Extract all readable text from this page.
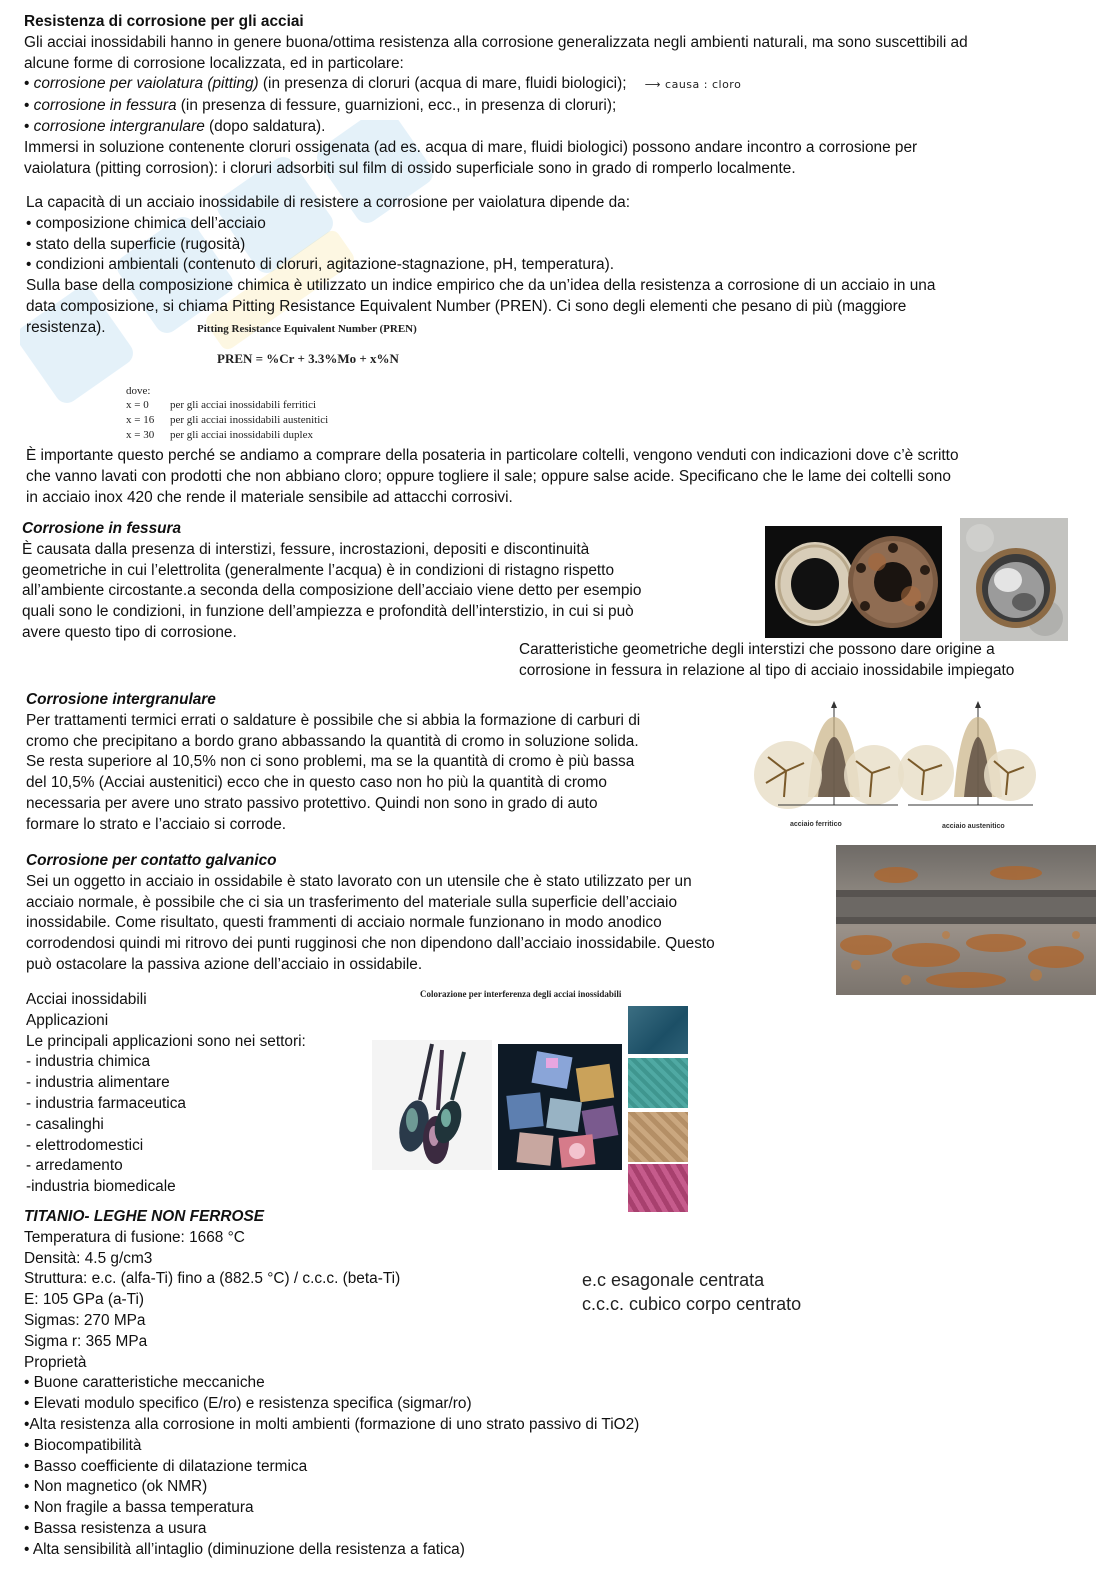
Resistenza di corrosione per gli acciai
Gli acciai inossidabili hanno in genere buona/ottima resistenza alla corrosione generalizzata negli ambienti naturali, ma sono suscettibili ad
alcune forme di corrosione localizzata, ed in particolare:
• corrosione per vaiolatura (pitting) (in presenza di cloruri (acqua di mare, fluidi biologici); ⟶ causa : cloro
• corrosione in fessura (in presenza di fessure, guarnizioni, ecc., in presenza di cloruri);
• corrosione intergranulare (dopo saldatura).
Immersi in soluzione contenente cloruri ossigenata (ad es. acqua di mare, fluidi biologici) possono andare incontro a corrosione per
vaiolatura (pitting corrosion): i cloruri adsorbiti sul film di ossido superficiale sono in grado di romperlo localmente.
La capacità di un acciaio inossidabile di resistere a corrosione per vaiolatura dipende da:
• composizione chimica dell’acciaio
• stato della superficie (rugosità)
• condizioni ambientali (contenuto di cloruri, agitazione-stagnazione, pH, temperatura).
Sulla base della composizione chimica è utilizzato un indice empirico che da un’idea della resistenza a corrosione di un acciaio in una
data composizione, si chiama Pitting Resistance Equivalent Number (PREN). Ci sono degli elementi che pesano di più (maggiore
resistenza).	Pitting Resistance Equivalent Number (PREN)
PREN = %Cr + 3.3%Mo + x%N
dove:
x = 0	per gli acciai inossidabili ferritici
x = 16	per gli acciai inossidabili austenitici
x = 30	per gli acciai inossidabili duplex
È importante questo perché se andiamo a comprare della posateria in particolare coltelli, vengono venduti con indicazioni dove c’è scritto
che vanno lavati con prodotti che non abbiano cloro; oppure togliere il sale; oppure salse acide. Specificano che le lame dei coltelli sono
in acciaio inox 420 che rende il materiale sensibile ad attacchi corrosivi.
Corrosione in fessura
È causata dalla presenza di interstizi, fessure, incrostazioni, depositi e discontinuità
geometriche in cui l’elettrolita (generalmente l’acqua) è in condizioni di ristagno rispetto
all’ambiente circostante.a seconda della composizione dell’acciaio viene detto per esempio
quali sono le condizioni, in funzione dell’ampiezza e profondità dell’interstizio, in cui si può
avere questo tipo di corrosione.
Caratteristiche geometriche degli interstizi che possono dare origine a
corrosione in fessura in relazione al tipo di acciaio inossidabile impiegato
Corrosione intergranulare
Per trattamenti termici errati o saldature è possibile che si abbia la formazione di carburi di
cromo che precipitano a bordo grano abbassando la quantità di cromo in soluzione solida.
Se resta superiore al 10,5% non ci sono problemi, ma se la quantità di cromo è più bassa
del 10,5% (Acciai austenitici) ecco che in questo caso non ho più la quantità di cromo
necessaria per avere uno strato passivo protettivo. Quindi non sono in grado di auto
formare lo strato e l’acciaio si corrode.	acciaio ferritico	acciaio austenitico
Corrosione per contatto galvanico
Sei un oggetto in acciaio in ossidabile è stato lavorato con un utensile che è stato utilizzato per un
acciaio normale, è possibile che ci sia un trasferimento del materiale sulla superficie dell’acciaio
inossidabile. Come risultato, questi frammenti di acciaio normale funzionano in modo anodico
corrodendosi quindi mi ritrovo dei punti rugginosi che non dipendono dall’acciaio inossidabile. Questo
può ostacolare la passiva azione dell’acciaio in ossidabile.
Acciai inossidabili
Applicazioni
Le principali applicazioni sono nei settori:
- industria chimica
- industria alimentare
- industria farmaceutica
- casalinghi
- elettrodomestici
- arredamento
-industria biomedicale
Colorazione per interferenza degli acciai inossidabili
TITANIO- LEGHE NON FERROSE
Temperatura di fusione: 1668 °C
Densità: 4.5 g/cm3
Struttura: e.c. (alfa-Ti) fino a (882.5 °C) / c.c.c. (beta-Ti)
E: 105 GPa (a-Ti)
Sigmas: 270 MPa
Sigma r: 365 MPa
Proprietà
• Buone caratteristiche meccaniche
• Elevati modulo specifico (E/ro) e resistenza specifica (sigmar/ro)
•Alta resistenza alla corrosione in molti ambienti (formazione di uno strato passivo di TiO2)
• Biocompatibilità
• Basso coefficiente di dilatazione termica
• Non magnetico (ok NMR)
• Non fragile a bassa temperatura
• Bassa resistenza a usura
• Alta sensibilità all’intaglio (diminuzione della resistenza a fatica)
e.c esagonale centrata
c.c.c. cubico corpo centrato
